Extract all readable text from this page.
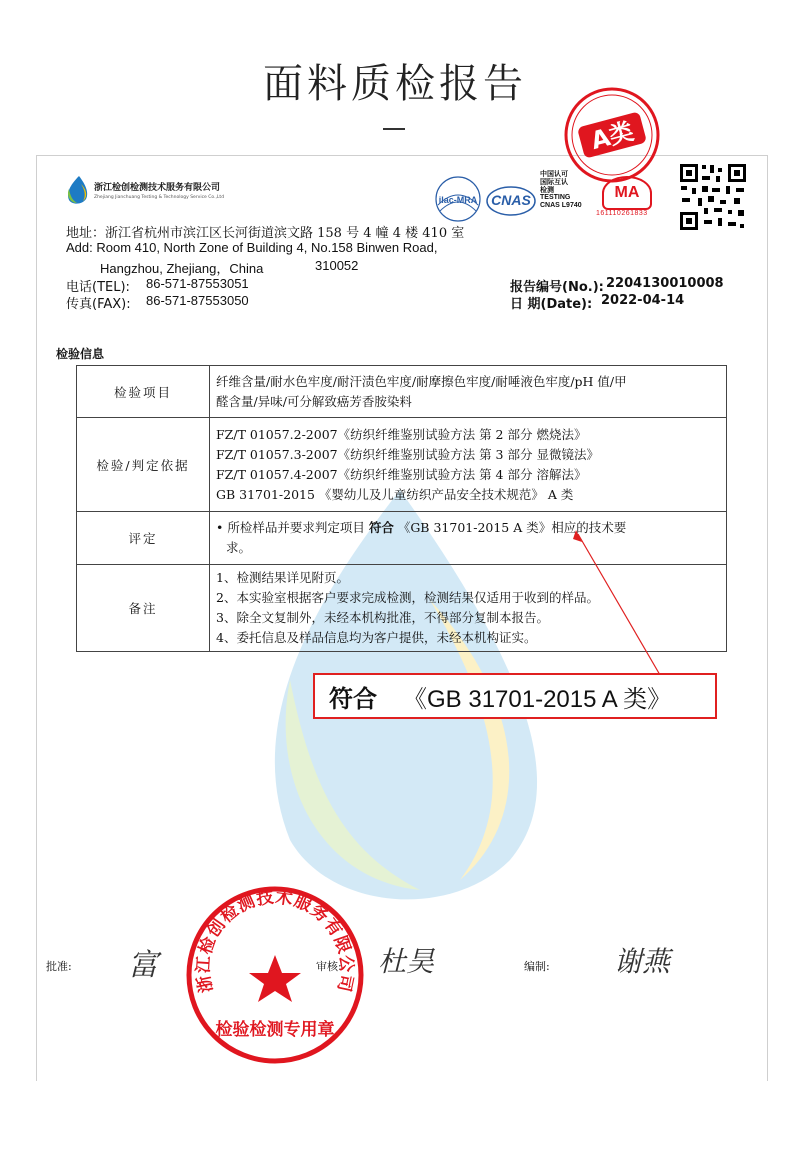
面料质检报告
浙江检创检测技术服务有限公司
Zhejiang Jianchuang Testing & Technology Service Co.,Ltd	ilac-MRA CNAS
中国认可
国际互认
检测
TESTING
CNAS L9740
MA
161110261833
A类
地址：浙江省杭州市滨江区长河街道滨文路 158 号 4 幢 4 楼 410 室
Add: Room 410, North Zone of Building 4, No.158 Binwen Road,
Hangzhou, Zhejiang，China	310052
电话(TEL): 86-571-87553051
传真(FAX): 86-571-87553050
报告编号(No.): 2204130010008
日 期(Date): 2022-04-14
检验信息
检验项目	纤维含量/耐水色牢度/耐汗渍色牢度/耐摩擦色牢度/耐唾液色牢度/pH 值/甲
醛含量/异味/可分解致癌芳香胺染料

检验/判定依据	FZ/T 01057.2-2007《纺织纤维鉴别试验方法 第 2 部分 燃烧法》
FZ/T 01057.3-2007《纺织纤维鉴别试验方法 第 3 部分 显微镜法》
FZ/T 01057.4-2007《纺织纤维鉴别试验方法 第 4 部分 溶解法》
GB 31701-2015 《婴幼儿及儿童纺织产品安全技术规范》 A 类

评定	• 所检样品并要求判定项目 符合 《GB 31701-2015 A 类》相应的技术要
求。

备注	1、检测结果详见附页。
2、本实验室根据客户要求完成检测，检测结果仅适用于收到的样品。
3、除全文复制外，未经本机构批准，不得部分复制本报告。
4、委托信息及样品信息均为客户提供，未经本机构证实。
符合 《GB 31701-2015 A 类》
批准: 富	审核: 杜昊	编制: 谢燕
浙江检创检测技术服务有限公司
检验检测专用章
